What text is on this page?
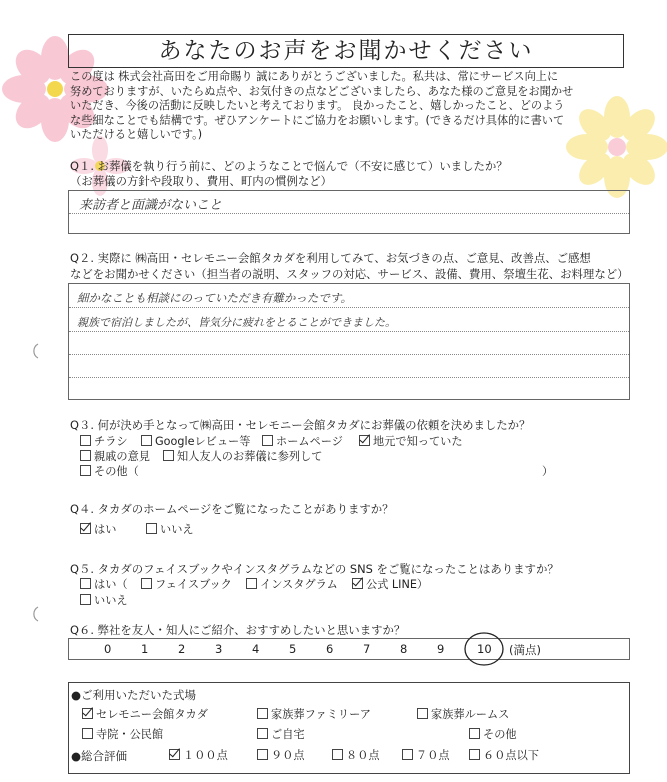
あなたのお声をお聞かせください
この度は 株式会社高田をご用命賜り 誠にありがとうございました。私共は、常にサービス向上に
努めておりますが、いたらぬ点や、お気付きの点などございましたら、あなた様のご意見をお聞かせ
いただき、今後の活動に反映したいと考えております。 良かったこと、嬉しかったこと、どのよう
な些細なことでも結構です。ぜひアンケートにご協力をお願いします。(できるだけ具体的に書いて
いただけると嬉しいです。)
Q１. お葬儀を執り行う前に、どのようなことで悩んで（不安に感じて）いましたか？
（お葬儀の方針や段取り、費用、町内の慣例など）
来訪者と面識がないこと
Q２. 実際に ㈱高田・セレモニー会館タカダを利用してみて、お気づきの点、ご意見、改善点、ご感想
などをお聞かせください（担当者の説明、スタッフの対応、サービス、設備、費用、祭壇生花、お料理など）
細かなことも相談にのっていただき有難かったです。
親族で宿泊しましたが、皆気分に疲れをとることができました。
Q３. 何が決め手となって㈱高田・セレモニー会館タカダにお葬儀の依頼を決めましたか？
チラシ	Googleレビュー等	ホームページ	地元で知っていた
親戚の意見	知人友人のお葬儀に参列して
その他（	）
Q４. タカダのホームページをご覧になったことがありますか？
はい	いいえ
Q５. タカダのフェイスブックやインスタグラムなどの SNS をご覧になったことはありますか？
はい（	フェイスブック	インスタグラム	公式 LINE）
いいえ
Q６. 弊社を友人・知人にご紹介、おすすめしたいと思いますか？
0	1	2	3	4	5	6	7	8	9	10 (満点)
●ご利用いただいた式場
セレモニー会館タカダ	家族葬ファミリーア	家族葬ルームス
寺院・公民館	ご自宅	その他
●総合評価	１００点	９０点	８０点	７０点	６０点以下
